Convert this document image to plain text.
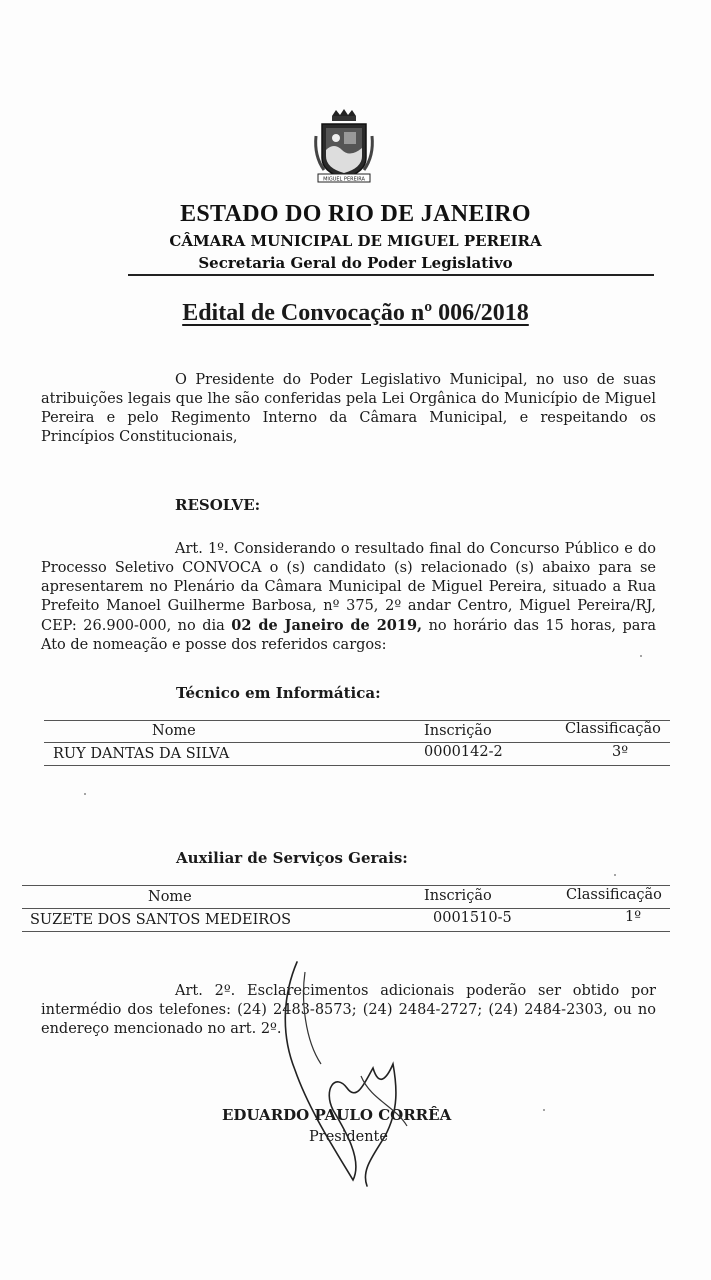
MIGUEL PEREIRA
ESTADO DO RIO DE JANEIRO
CÂMARA MUNICIPAL DE MIGUEL PEREIRA
Secretaria Geral do Poder Legislativo
Edital de Convocação nº 006/2018
O Presidente do Poder Legislativo Municipal, no uso de suas atribuições legais que lhe são conferidas pela Lei Orgânica do Município de Miguel Pereira e pelo Regimento Interno da Câmara Municipal, e respeitando os Princípios Constitucionais,
RESOLVE:
Art. 1º. Considerando o resultado final do Concurso Público e do Processo Seletivo CONVOCA o (s) candidato (s) relacionado (s) abaixo para se apresentarem no Plenário da Câmara Municipal de Miguel Pereira, situado a Rua Prefeito Manoel Guilherme Barbosa, nº 375, 2º andar Centro, Miguel Pereira/RJ, CEP: 26.900-000, no dia 02 de Janeiro de 2019, no horário das 15 horas, para Ato de nomeação e posse dos referidos cargos:
Técnico em Informática:
Nome	Inscrição	Classificação
RUY DANTAS DA SILVA	0000142-2	3º
Auxiliar de Serviços Gerais:
Nome	Inscrição	Classificação
SUZETE DOS SANTOS MEDEIROS	0001510-5	1º
Art. 2º. Esclarecimentos adicionais poderão ser obtido por intermédio dos telefones: (24) 2483-8573; (24) 2484-2727; (24) 2484-2303, ou no endereço mencionado no art. 2º.
EDUARDO PAULO CORRÊA
Presidente
